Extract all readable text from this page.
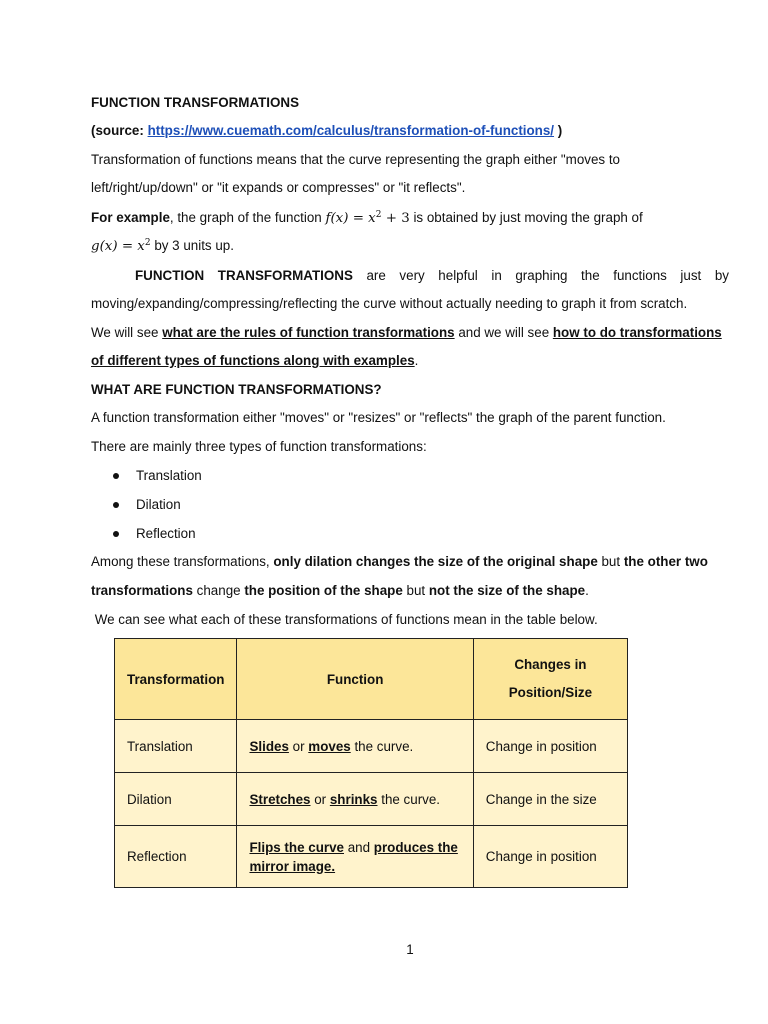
FUNCTION TRANSFORMATIONS
(source: https://www.cuemath.com/calculus/transformation-of-functions/ )
Transformation of functions means that the curve representing the graph either "moves to
left/right/up/down" or "it expands or compresses" or "it reflects".
For example, the graph of the function $f(x) = x^2 + 3$ is obtained by just moving the graph of
$g(x) = x^2$ by 3 units up.
FUNCTION TRANSFORMATIONS are very helpful in graphing the functions just by
moving/expanding/compressing/reflecting the curve without actually needing to graph it from scratch.
We will see what are the rules of function transformations and we will see how to do transformations
of different types of functions along with examples.
WHAT ARE FUNCTION TRANSFORMATIONS?
A function transformation either "moves" or "resizes" or "reflects" the graph of the parent function.
There are mainly three types of function transformations:
Translation
Dilation
Reflection
Among these transformations, only dilation changes the size of the original shape but the other two
transformations change the position of the shape but not the size of the shape.
We can see what each of these transformations of functions mean in the table below.
Transformation	Function	Changes in
Position/Size
Translation	Slides or moves the curve.	Change in position
Dilation	Stretches or shrinks the curve.	Change in the size
Reflection	Flips the curve and produces the mirror image.	Change in position
1
